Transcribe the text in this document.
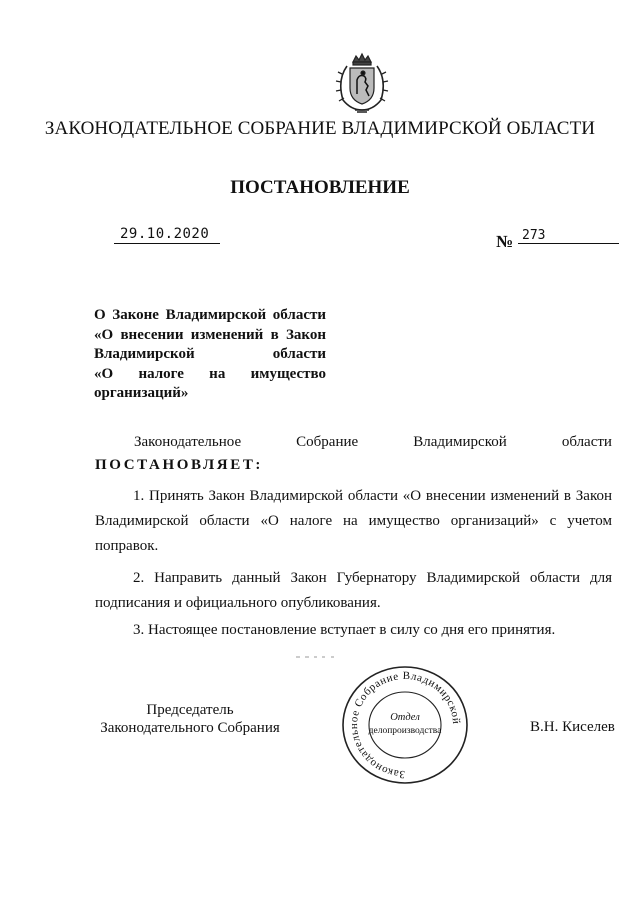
ЗАКОНОДАТЕЛЬНОЕ СОБРАНИЕ ВЛАДИМИРСКОЙ ОБЛАСТИ
ПОСТАНОВЛЕНИЕ
29.10.2020	№ 273
О Законе Владимирской области
«О внесении изменений в Закон
Владимирской области
«О налоге на имущество
организаций»
Законодательное	Собрание	Владимирской	области
ПОСТАНОВЛЯЕТ:
1. Принять Закон Владимирской области «О внесении изменений в Закон Владимирской области «О налоге на имущество организаций» с учетом поправок.
2. Направить данный Закон Губернатору Владимирской области для подписания и официального опубликования.
3. Настоящее постановление вступает в силу со дня его принятия.
Председатель
Законодательного Собрания
Законодательное Собрание Владимирской
Отдел
делопроизводства	В.Н. Киселев
